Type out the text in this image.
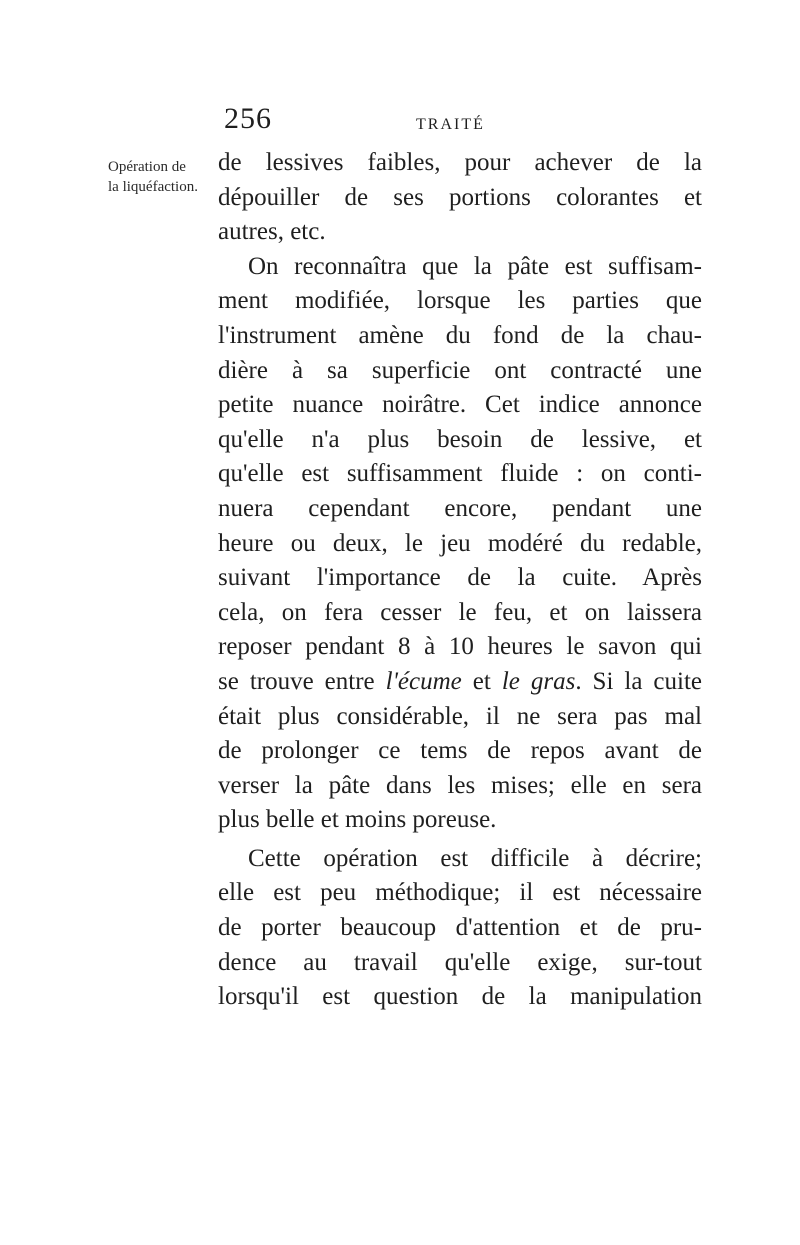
256	TRAITÉ
Opération de
la liquéfaction.
de lessives faibles, pour achever de la
dépouiller de ses portions colorantes et
autres, etc.
On reconnaîtra que la pâte est suffisam-
ment modifiée, lorsque les parties que
l'instrument amène du fond de la chau-
dière à sa superficie ont contracté une
petite nuance noirâtre. Cet indice annonce
qu'elle n'a plus besoin de lessive, et
qu'elle est suffisamment fluide : on conti-
nuera cependant encore, pendant une
heure ou deux, le jeu modéré du redable,
suivant l'importance de la cuite. Après
cela, on fera cesser le feu, et on laissera
reposer pendant 8 à 10 heures le savon qui
se trouve entre l'écume et le gras. Si la cuite
était plus considérable, il ne sera pas mal
de prolonger ce tems de repos avant de
verser la pâte dans les mises; elle en sera
plus belle et moins poreuse.
Cette opération est difficile à décrire;
elle est peu méthodique; il est nécessaire
de porter beaucoup d'attention et de pru-
dence au travail qu'elle exige, sur-tout
lorsqu'il est question de la manipulation
